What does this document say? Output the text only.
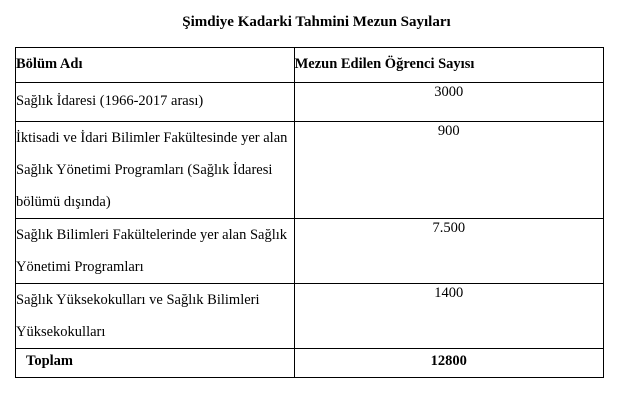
Şimdiye Kadarki Tahmini Mezun Sayıları
Bölüm Adı	Mezun Edilen Öğrenci Sayısı
Sağlık İdaresi (1966-2017 arası)	3000
İktisadi ve İdari Bilimler Fakültesinde yer alan Sağlık Yönetimi Programları (Sağlık İdaresi bölümü dışında)	900
Sağlık Bilimleri Fakültelerinde yer alan Sağlık Yönetimi Programları	7.500
Sağlık Yüksekokulları ve Sağlık Bilimleri Yüksekokulları	1400
Toplam	12800
